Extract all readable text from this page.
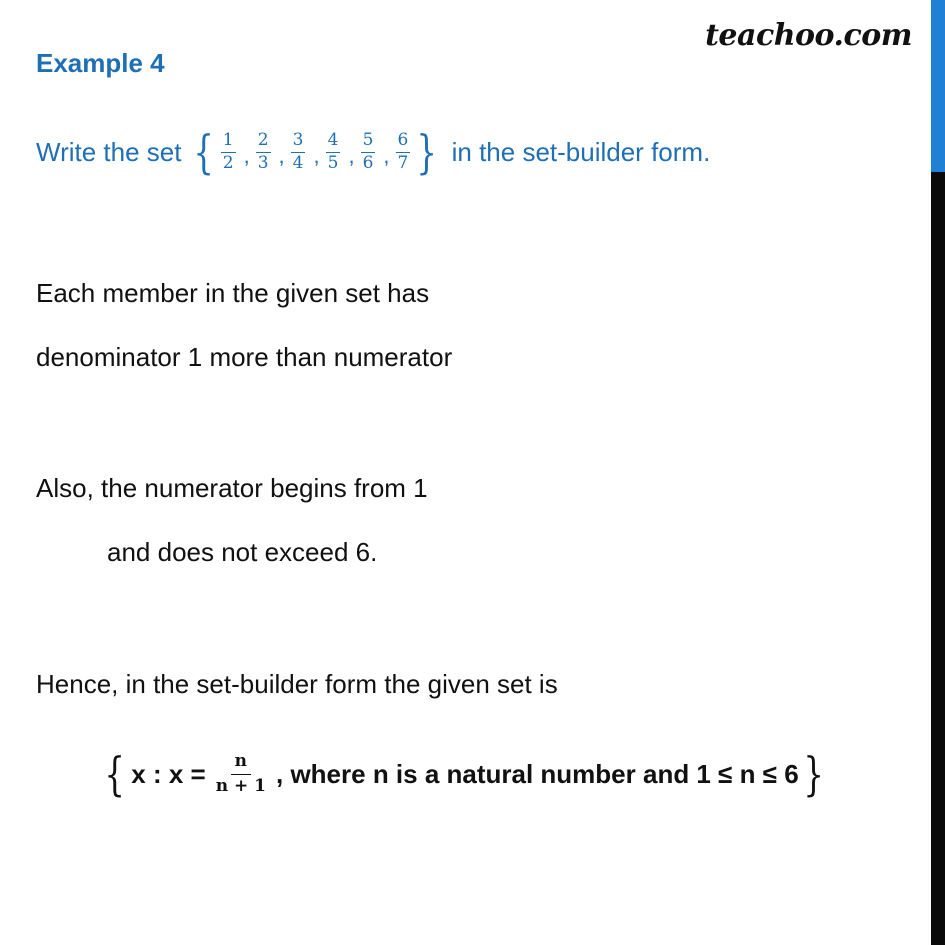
teachoo.com
Example 4
Write the set { $\frac{1}{2}$ , $\frac{2}{3}$ , $\frac{3}{4}$ , $\frac{4}{5}$ , $\frac{5}{6}$ , $\frac{6}{7}$ } in the set-builder form.
Each member in the given set has
denominator 1 more than numerator
Also, the numerator begins from 1
and does not exceed 6.
Hence, in the set-builder form the given set is
{ x : $x = \frac{n}{n + 1}$ , where n is a natural number and 1 ≤ n ≤ 6 }
